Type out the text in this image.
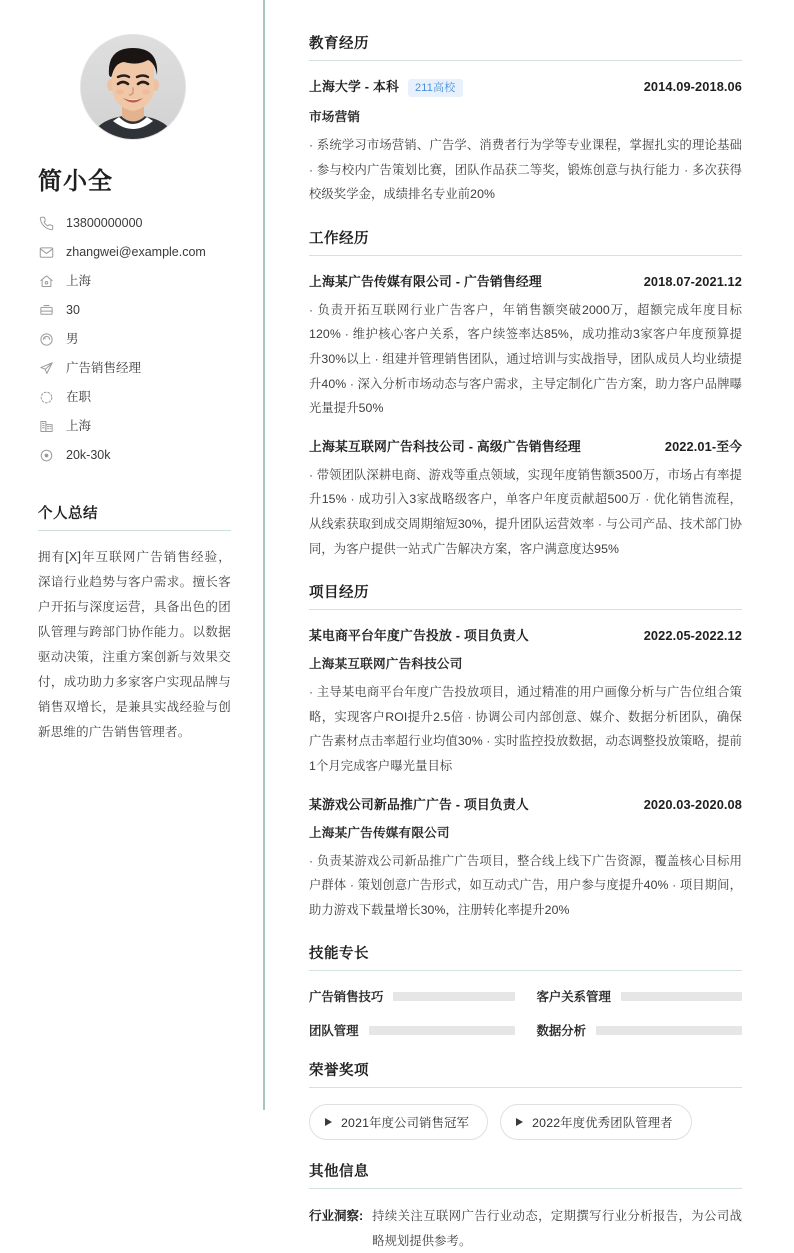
简小全
13800000000
zhangwei@example.com
上海
30
男
广告销售经理
在职
上海
20k-30k
个人总结
拥有[X]年互联网广告销售经验，深谙行业趋势与客户需求。擅长客户开拓与深度运营，具备出色的团队管理与跨部门协作能力。以数据驱动决策，注重方案创新与效果交付，成功助力多家客户实现品牌与销售双增长，是兼具实战经验与创新思维的广告销售管理者。
教育经历
上海大学 - 本科	211高校	2014.09-2018.06
市场营销
· 系统学习市场营销、广告学、消费者行为学等专业课程，掌握扎实的理论基础 · 参与校内广告策划比赛，团队作品获二等奖，锻炼创意与执行能力 · 多次获得校级奖学金，成绩排名专业前20%
工作经历
上海某广告传媒有限公司 - 广告销售经理	2018.07-2021.12
· 负责开拓互联网行业广告客户，年销售额突破2000万，超额完成年度目标120% · 维护核心客户关系，客户续签率达85%，成功推动3家客户年度预算提升30%以上 · 组建并管理销售团队，通过培训与实战指导，团队成员人均业绩提升40% · 深入分析市场动态与客户需求，主导定制化广告方案，助力客户品牌曝光量提升50%
上海某互联网广告科技公司 - 高级广告销售经理	2022.01-至今
· 带领团队深耕电商、游戏等重点领域，实现年度销售额3500万，市场占有率提升15% · 成功引入3家战略级客户，单客户年度贡献超500万 · 优化销售流程，从线索获取到成交周期缩短30%，提升团队运营效率 · 与公司产品、技术部门协同，为客户提供一站式广告解决方案，客户满意度达95%
项目经历
某电商平台年度广告投放 - 项目负责人	2022.05-2022.12
上海某互联网广告科技公司
· 主导某电商平台年度广告投放项目，通过精准的用户画像分析与广告位组合策略，实现客户ROI提升2.5倍 · 协调公司内部创意、媒介、数据分析团队，确保广告素材点击率超行业均值30% · 实时监控投放数据，动态调整投放策略，提前1个月完成客户曝光量目标
某游戏公司新品推广广告 - 项目负责人	2020.03-2020.08
上海某广告传媒有限公司
· 负责某游戏公司新品推广广告项目，整合线上线下广告资源，覆盖核心目标用户群体 · 策划创意广告形式，如互动式广告，用户参与度提升40% · 项目期间，助力游戏下载量增长30%，注册转化率提升20%
技能专长
广告销售技巧	客户关系管理
团队管理	数据分析
荣誉奖项
2021年度公司销售冠军	2022年度优秀团队管理者
其他信息
行业洞察: 持续关注互联网广告行业动态，定期撰写行业分析报告，为公司战略规划提供参考。
